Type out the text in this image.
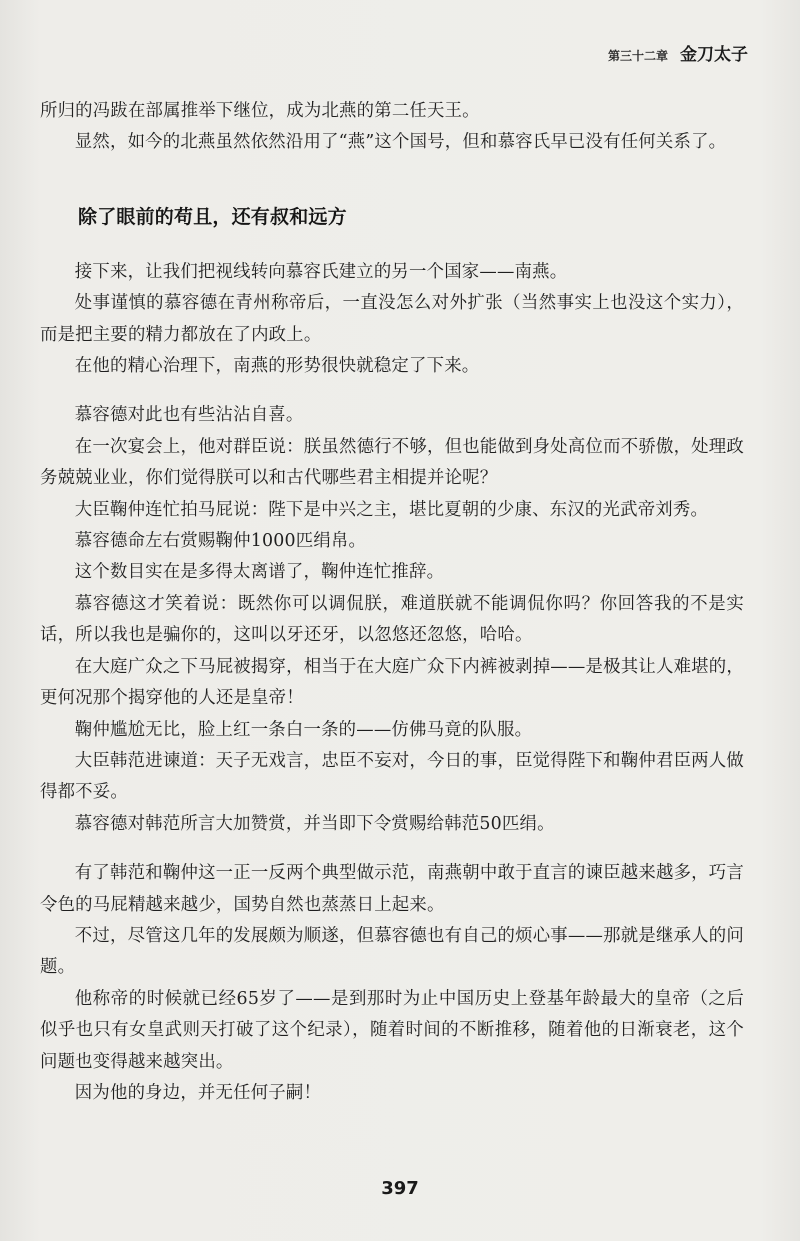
第三十二章 金刀太子

所归的冯跋在部属推举下继位，成为北燕的第二任天王。

显然，如今的北燕虽然依然沿用了“燕”这个国号，但和慕容氏早已没有任何关系了。

除了眼前的苟且，还有叔和远方

接下来，让我们把视线转向慕容氏建立的另一个国家——南燕。

处事谨慎的慕容德在青州称帝后，一直没怎么对外扩张（当然事实上也没这个实力），而是把主要的精力都放在了内政上。

在他的精心治理下，南燕的形势很快就稳定了下来。

慕容德对此也有些沾沾自喜。

在一次宴会上，他对群臣说：朕虽然德行不够，但也能做到身处高位而不骄傲，处理政务兢兢业业，你们觉得朕可以和古代哪些君主相提并论呢？

大臣鞠仲连忙拍马屁说：陛下是中兴之主，堪比夏朝的少康、东汉的光武帝刘秀。

慕容德命左右赏赐鞠仲1000匹绢帛。

这个数目实在是多得太离谱了，鞠仲连忙推辞。

慕容德这才笑着说：既然你可以调侃朕，难道朕就不能调侃你吗？你回答我的不是实话，所以我也是骗你的，这叫以牙还牙，以忽悠还忽悠，哈哈。

在大庭广众之下马屁被揭穿，相当于在大庭广众下内裤被剥掉——是极其让人难堪的，更何况那个揭穿他的人还是皇帝！

鞠仲尴尬无比，脸上红一条白一条的——仿佛马竟的队服。

大臣韩范进谏道：天子无戏言，忠臣不妄对，今日的事，臣觉得陛下和鞠仲君臣两人做得都不妥。

慕容德对韩范所言大加赞赏，并当即下令赏赐给韩范50匹绢。

有了韩范和鞠仲这一正一反两个典型做示范，南燕朝中敢于直言的谏臣越来越多，巧言令色的马屁精越来越少，国势自然也蒸蒸日上起来。

不过，尽管这几年的发展颇为顺遂，但慕容德也有自己的烦心事——那就是继承人的问题。

他称帝的时候就已经65岁了——是到那时为止中国历史上登基年龄最大的皇帝（之后似乎也只有女皇武则天打破了这个纪录），随着时间的不断推移，随着他的日渐衰老，这个问题也变得越来越突出。

因为他的身边，并无任何子嗣！

397
